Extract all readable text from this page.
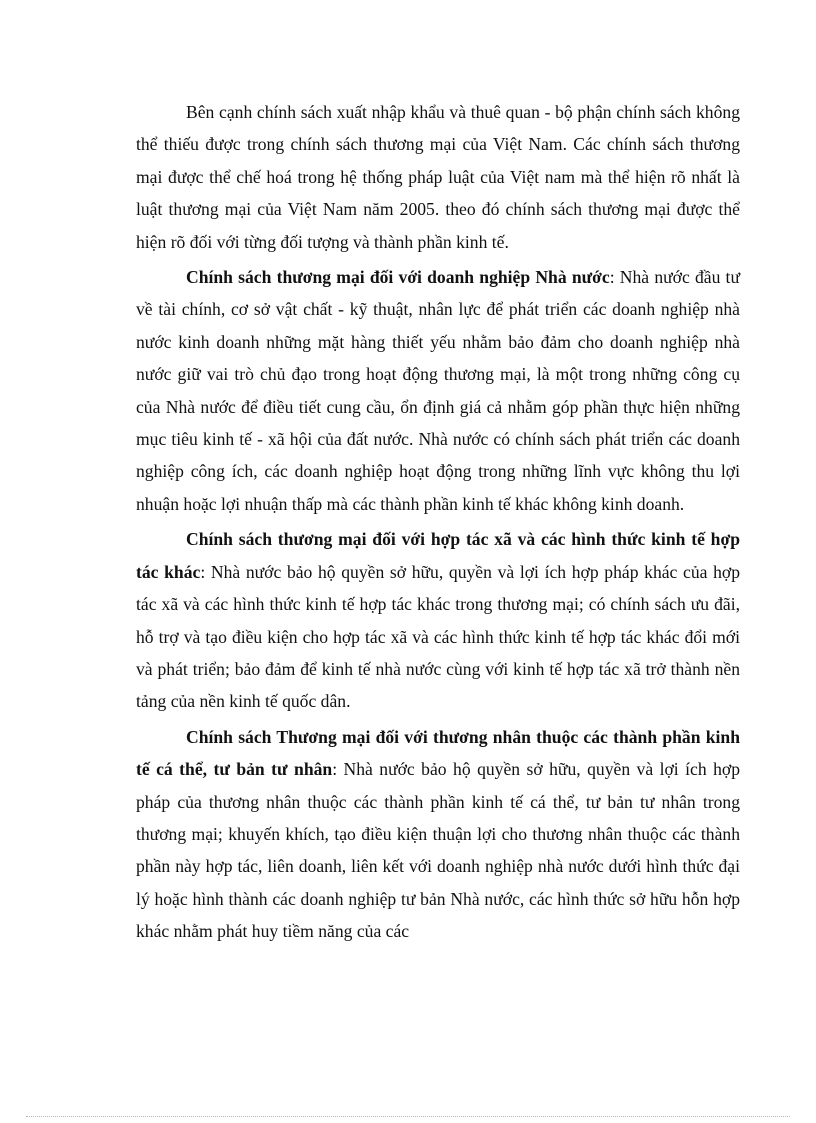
Bên cạnh chính sách xuất nhập khẩu và thuê quan - bộ phận chính sách không thể thiếu được trong chính sách thương mại của Việt Nam. Các chính sách thương mại được thể chế hoá trong hệ thống pháp luật của Việt nam mà thể hiện rõ nhất là luật thương mại của Việt Nam năm 2005. theo đó chính sách thương mại được thể hiện rõ đối với từng đối tượng và thành phần kinh tế.

Chính sách thương mại đối với doanh nghiệp Nhà nước: Nhà nước đầu tư về tài chính, cơ sở vật chất - kỹ thuật, nhân lực để phát triển các doanh nghiệp nhà nước kinh doanh những mặt hàng thiết yếu nhằm bảo đảm cho doanh nghiệp nhà nước giữ vai trò chủ đạo trong hoạt động thương mại, là một trong những công cụ của Nhà nước để điều tiết cung cầu, ổn định giá cả nhằm góp phần thực hiện những mục tiêu kinh tế - xã hội của đất nước. Nhà nước có chính sách phát triển các doanh nghiệp công ích, các doanh nghiệp hoạt động trong những lĩnh vực không thu lợi nhuận hoặc lợi nhuận thấp mà các thành phần kinh tế khác không kinh doanh.

Chính sách thương mại đối với hợp tác xã và các hình thức kinh tế hợp tác khác: Nhà nước bảo hộ quyền sở hữu, quyền và lợi ích hợp pháp khác của hợp tác xã và các hình thức kinh tế hợp tác khác trong thương mại; có chính sách ưu đãi, hỗ trợ và tạo điều kiện cho hợp tác xã và các hình thức kinh tế hợp tác khác đổi mới và phát triển; bảo đảm để kinh tế nhà nước cùng với kinh tế hợp tác xã trở thành nền tảng của nền kinh tế quốc dân.

Chính sách Thương mại đối với thương nhân thuộc các thành phần kinh tế cá thể, tư bản tư nhân: Nhà nước bảo hộ quyền sở hữu, quyền và lợi ích hợp pháp của thương nhân thuộc các thành phần kinh tế cá thể, tư bản tư nhân trong thương mại; khuyến khích, tạo điều kiện thuận lợi cho thương nhân thuộc các thành phần này hợp tác, liên doanh, liên kết với doanh nghiệp nhà nước dưới hình thức đại lý hoặc hình thành các doanh nghiệp tư bản Nhà nước, các hình thức sở hữu hỗn hợp khác nhằm phát huy tiềm năng của các
